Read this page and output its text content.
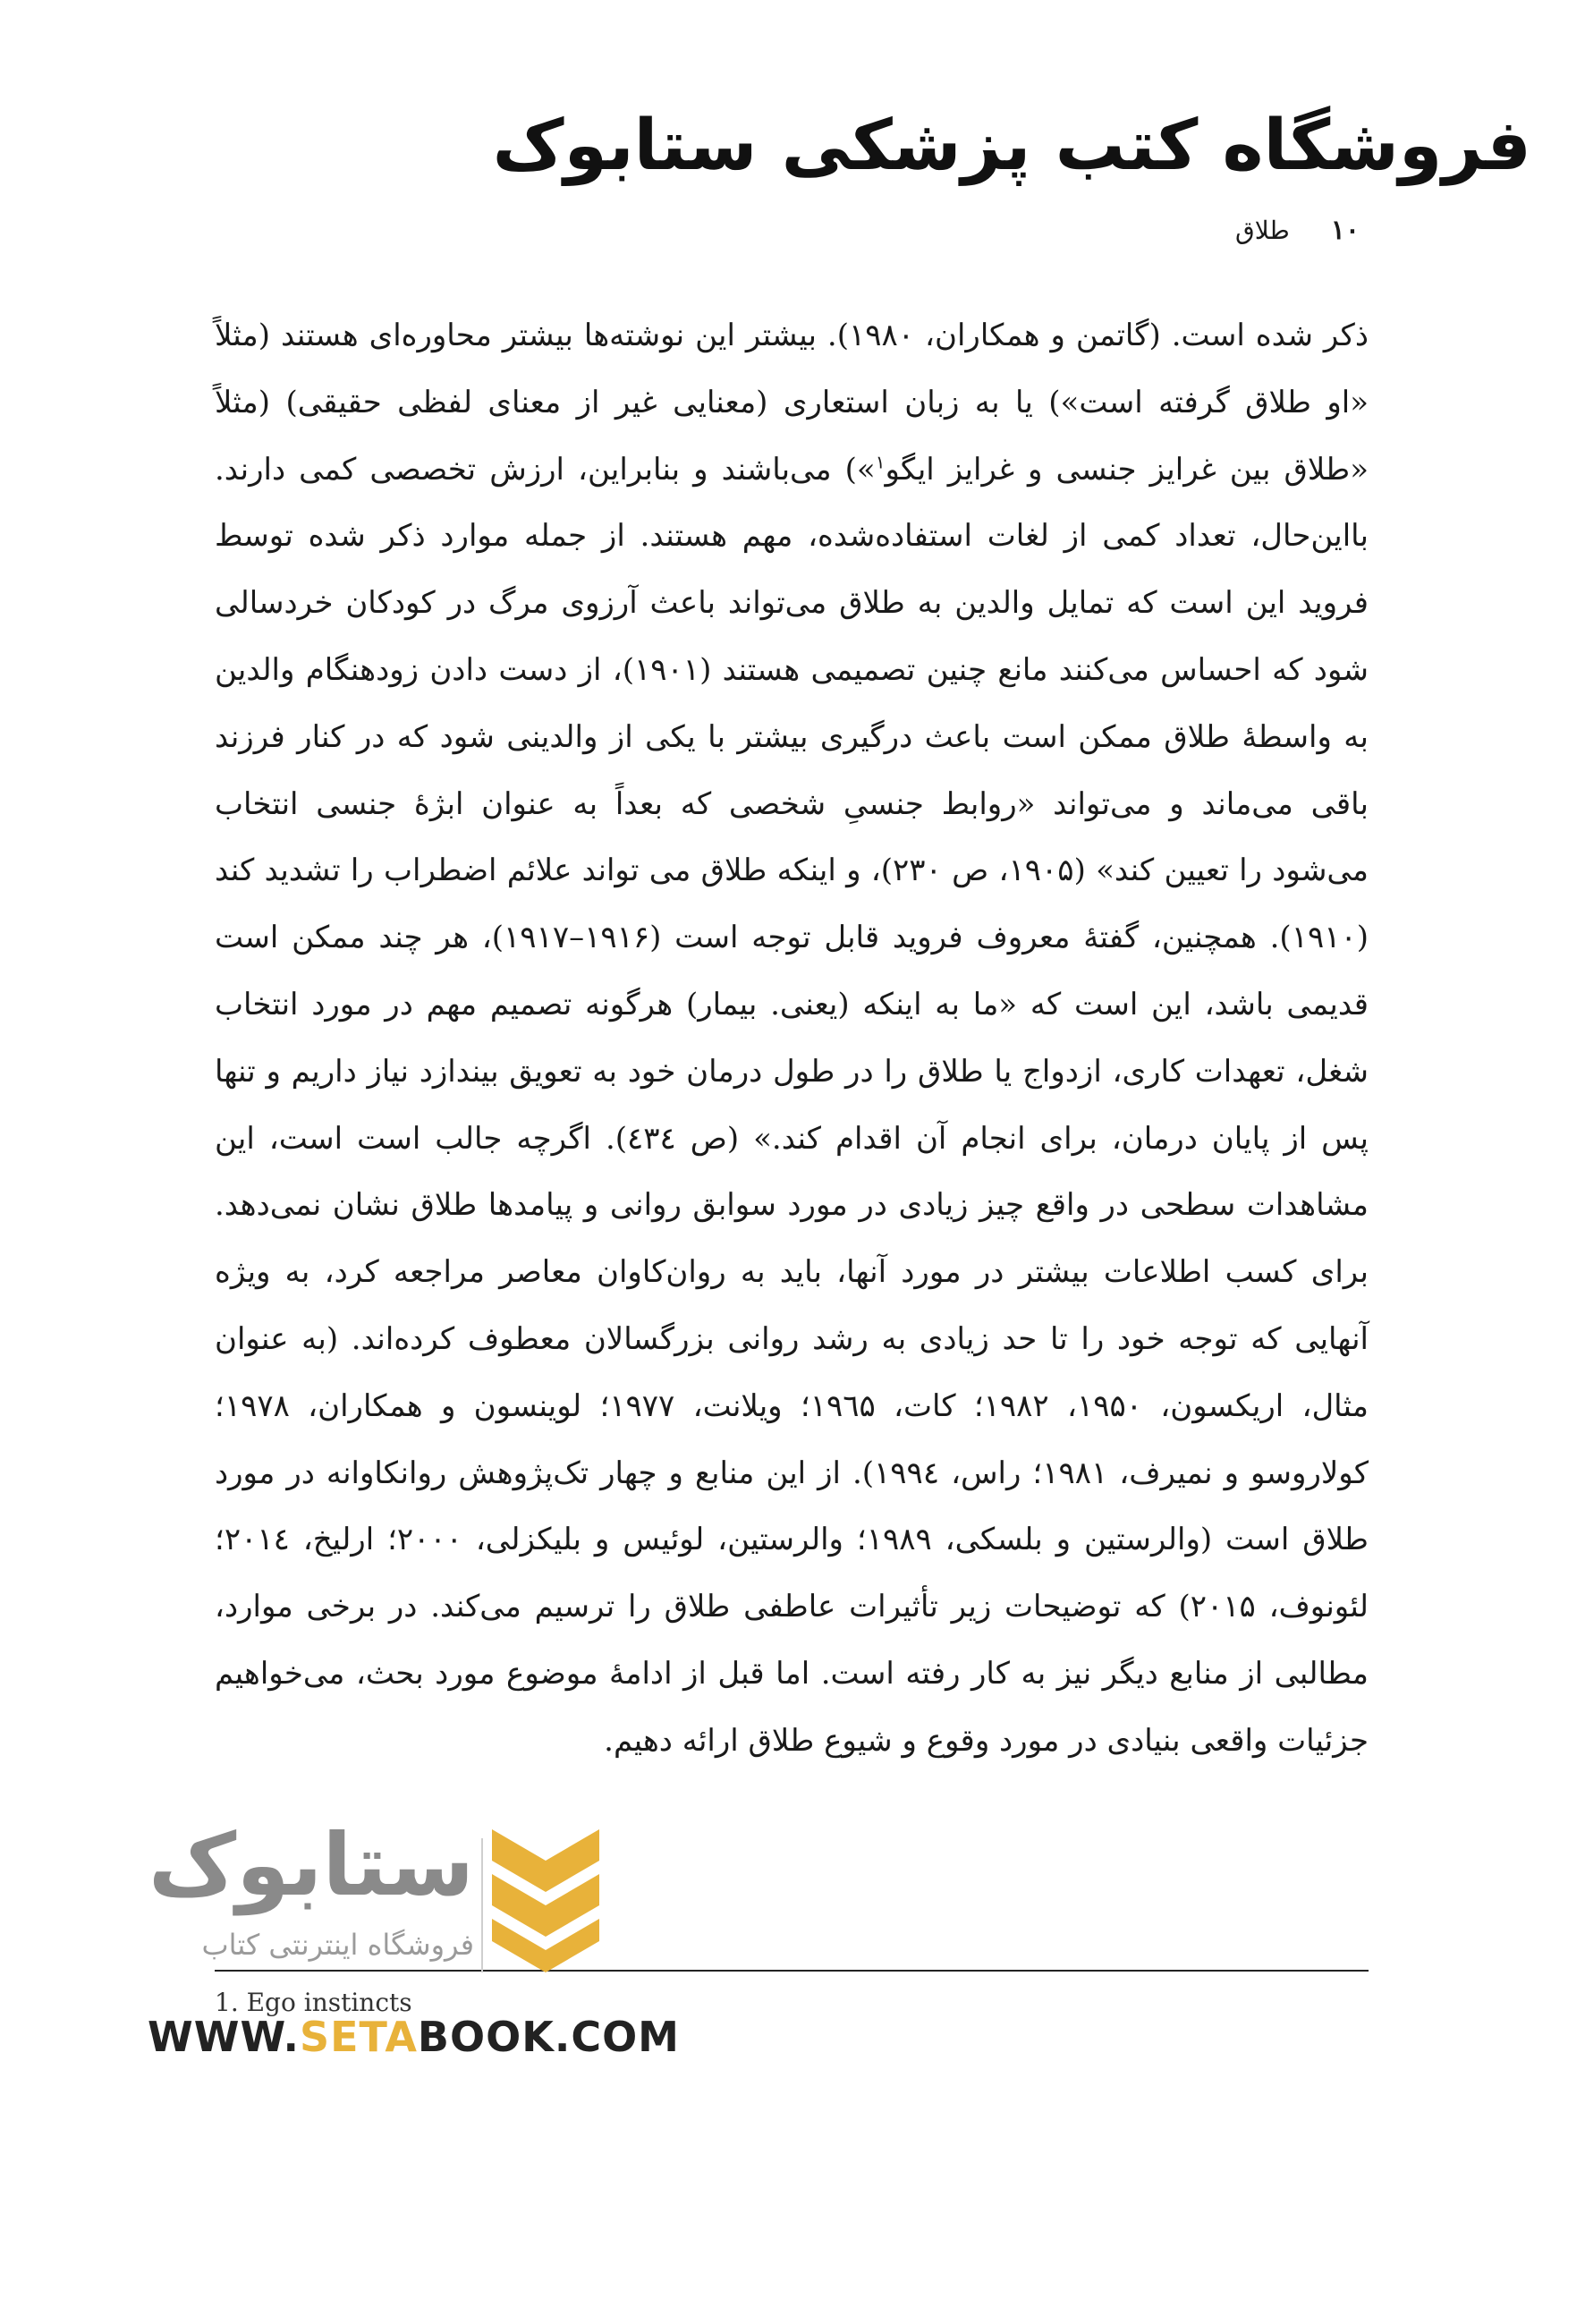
فروشگاه کتب پزشکی ستابوک
۱۰طلاق
ذکر شده است. (گاتمن و همکاران، ۱۹۸۰). بیشتر این نوشته‌ها بیشتر محاوره‌ای هستند (مثلاً «او طلاق گرفته است») یا به زبان استعاری (معنایی غیر از معنای لفظی حقیقی) (مثلاً «طلاق بین غرایز جنسی و غرایز ایگو$^۱$») می‌باشند و بنابراین، ارزش تخصصی کمی دارند. بااین‌حال، تعداد کمی از لغات استفاده‌شده، مهم هستند. از جمله موارد ذکر شده توسط فروید این است که تمایل والدین به طلاق می‌تواند باعث آرزوی مرگ در کودکان خردسالی شود که احساس می‌کنند مانع چنین تصمیمی هستند (۱۹۰۱)، از دست دادن زودهنگام والدین به واسطهٔ طلاق ممکن است باعث درگیری بیشتر با یکی از والدینی شود که در کنار فرزند باقی می‌ماند و می‌تواند «روابط جنسیِ شخصی که بعداً به عنوان ابژهٔ جنسی انتخاب می‌شود را تعیین کند» (۱۹۰۵، ص ۲۳۰)، و اینکه طلاق می تواند علائم اضطراب را تشدید کند (۱۹۱۰). همچنین، گفتهٔ معروف فروید قابل توجه است (۱۹۱۶–۱۹۱۷)، هر چند ممکن است قدیمی باشد، این است که «ما به اینکه (یعنی. بیمار) هرگونه تصمیم مهم در مورد انتخاب شغل، تعهدات کاری، ازدواج یا طلاق را در طول درمان خود به تعویق بیندازد نیاز داریم و تنها پس از پایان درمان، برای انجام آن اقدام کند.» (ص ٤٣٤). اگرچه جالب است است، این مشاهدات سطحی در واقع چیز زیادی در مورد سوابق روانی و پیامدها طلاق نشان نمی‌دهد. برای کسب اطلاعات بیشتر در مورد آنها، باید به روان‌کاوان معاصر مراجعه کرد، به ویژه آنهایی که توجه خود را تا حد زیادی به رشد روانی بزرگسالان معطوف کرده‌اند. (به عنوان مثال، اریکسون، ۱۹۵۰، ۱۹۸۲؛ کات، ۱۹٦۵؛ ویلانت، ۱۹۷۷؛ لوینسون و همکاران، ۱۹۷۸؛ کولاروسو و نمیرف، ۱۹۸۱؛ راس، ۱۹۹٤). از این منابع و چهار تک‌پژوهش روانکاوانه در مورد طلاق است (والرستین و بلسکی، ۱۹۸۹؛ والرستین، لوئیس و بلیکزلی، ۲۰۰۰؛ ارلیخ، ۲۰۱٤؛ لئونوف، ۲۰۱۵) که توضیحات زیر تأثیرات عاطفی طلاق را ترسیم می‌کند. در برخی موارد، مطالبی از منابع دیگر نیز به کار رفته است. اما قبل از ادامهٔ موضوع مورد بحث، می‌خواهیم جزئیات واقعی بنیادی در مورد وقوع و شیوع طلاق ارائه دهیم.
1. Ego instincts
ستابوک
فروشگاه اینترنتی کتاب
WWW.SETABOOK.COM
